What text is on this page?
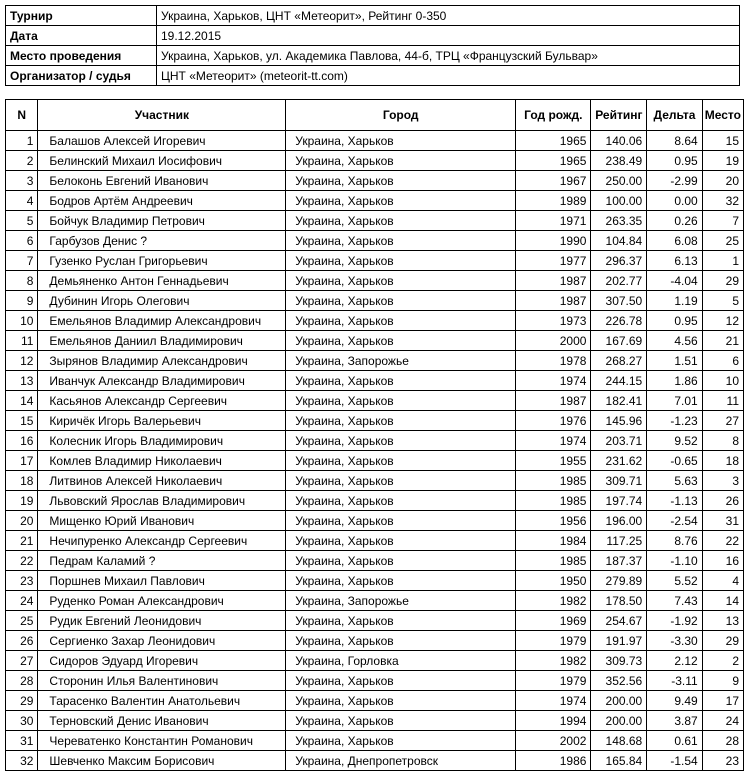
Турнир	Украина, Харьков, ЦНТ «Метеорит», Рейтинг 0-350
Дата	19.12.2015
Место проведения	Украина, Харьков, ул. Академика Павлова, 44-б, ТРЦ «Французский Бульвар»
Организатор / судья	ЦНТ «Метеорит» (meteorit-tt.com)
N	Участник	Город	Год рожд.	Рейтинг	Дельта	Место
1	Балашов Алексей Игоревич	Украина, Харьков	1965	140.06	8.64	15
2	Белинский Михаил Иосифович	Украина, Харьков	1965	238.49	0.95	19
3	Белоконь Евгений Иванович	Украина, Харьков	1967	250.00	-2.99	20
4	Бодров Артём Андреевич	Украина, Харьков	1989	100.00	0.00	32
5	Бойчук Владимир Петрович	Украина, Харьков	1971	263.35	0.26	7
6	Гарбузов Денис ?	Украина, Харьков	1990	104.84	6.08	25
7	Гузенко Руслан Григорьевич	Украина, Харьков	1977	296.37	6.13	1
8	Демьяненко Антон Геннадьевич	Украина, Харьков	1987	202.77	-4.04	29
9	Дубинин Игорь Олегович	Украина, Харьков	1987	307.50	1.19	5
10	Емельянов Владимир Александрович	Украина, Харьков	1973	226.78	0.95	12
11	Емельянов Даниил Владимирович	Украина, Харьков	2000	167.69	4.56	21
12	Зырянов Владимир Александрович	Украина, Запорожье	1978	268.27	1.51	6
13	Иванчук Александр Владимирович	Украина, Харьков	1974	244.15	1.86	10
14	Касьянов Александр Сергеевич	Украина, Харьков	1987	182.41	7.01	11
15	Киричёк Игорь Валерьевич	Украина, Харьков	1976	145.96	-1.23	27
16	Колесник Игорь Владимирович	Украина, Харьков	1974	203.71	9.52	8
17	Комлев Владимир Николаевич	Украина, Харьков	1955	231.62	-0.65	18
18	Литвинов Алексей Николаевич	Украина, Харьков	1985	309.71	5.63	3
19	Львовский Ярослав Владимирович	Украина, Харьков	1985	197.74	-1.13	26
20	Мищенко Юрий Иванович	Украина, Харьков	1956	196.00	-2.54	31
21	Нечипуренко Александр Сергеевич	Украина, Харьков	1984	117.25	8.76	22
22	Педрам Каламий ?	Украина, Харьков	1985	187.37	-1.10	16
23	Поршнев Михаил Павлович	Украина, Харьков	1950	279.89	5.52	4
24	Руденко Роман Александрович	Украина, Запорожье	1982	178.50	7.43	14
25	Рудик Евгений Леонидович	Украина, Харьков	1969	254.67	-1.92	13
26	Сергиенко Захар Леонидович	Украина, Харьков	1979	191.97	-3.30	29
27	Сидоров Эдуард Игоревич	Украина, Горловка	1982	309.73	2.12	2
28	Сторонин Илья Валентинович	Украина, Харьков	1979	352.56	-3.11	9
29	Тарасенко Валентин Анатольевич	Украина, Харьков	1974	200.00	9.49	17
30	Терновский Денис Иванович	Украина, Харьков	1994	200.00	3.87	24
31	Череватенко Константин Романович	Украина, Харьков	2002	148.68	0.61	28
32	Шевченко Максим Борисович	Украина, Днепропетровск	1986	165.84	-1.54	23
